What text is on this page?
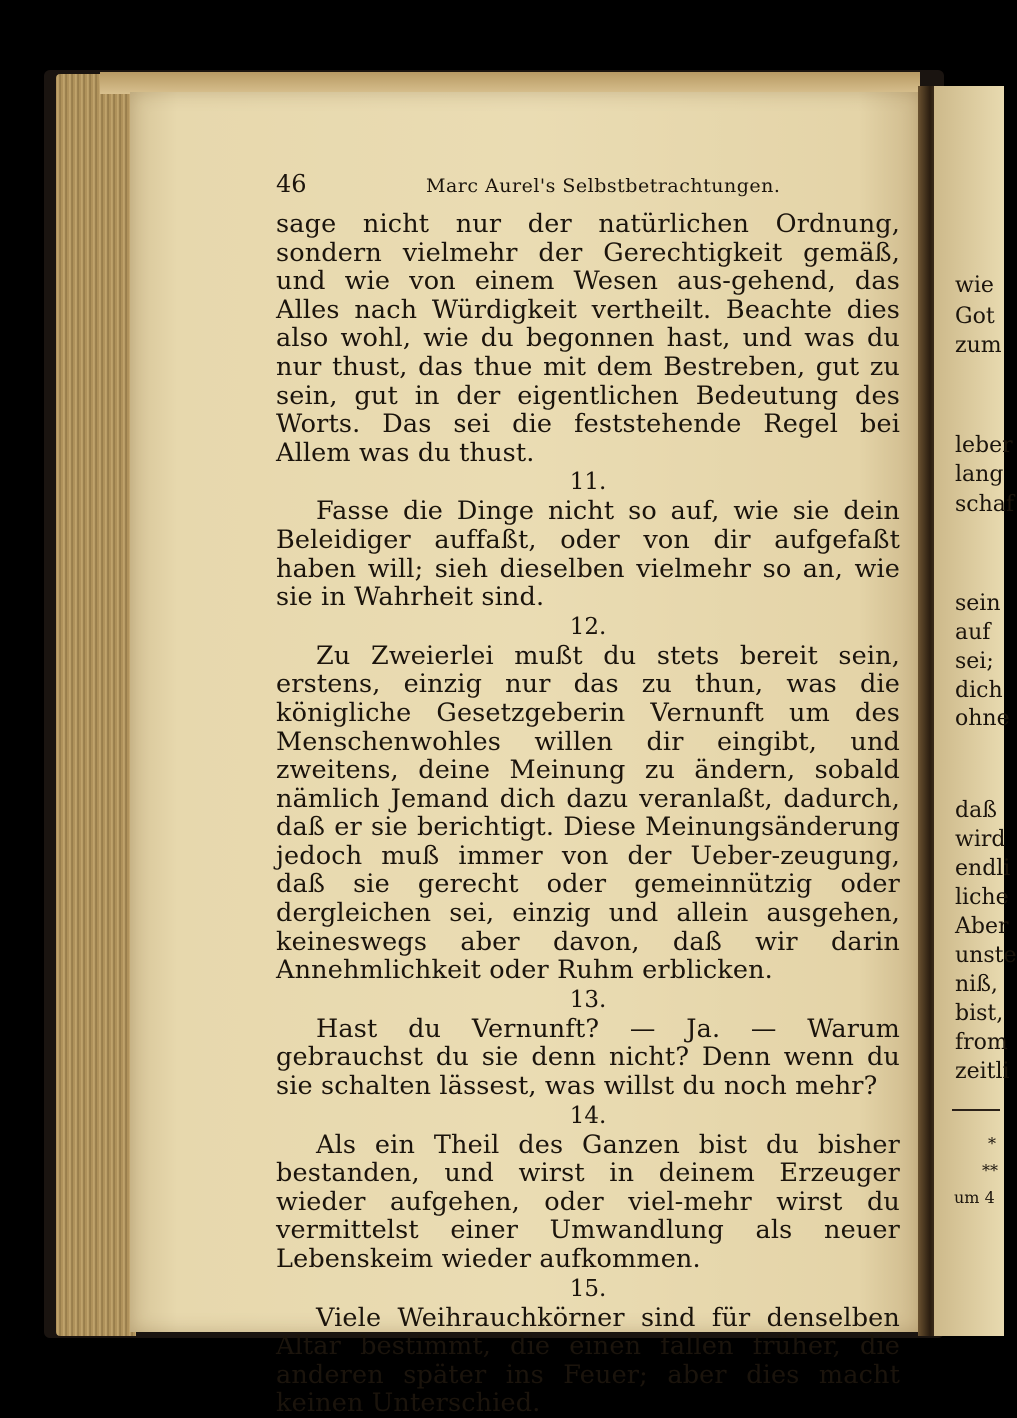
46	Marc Aurel's Selbstbetrachtungen.

sage nicht nur der natürlichen Ordnung, sondern vielmehr der Gerechtigkeit gemäß, und wie von einem Wesen aus-gehend, das Alles nach Würdigkeit vertheilt. Beachte dies also wohl, wie du begonnen hast, und was du nur thust, das thue mit dem Bestreben, gut zu sein, gut in der eigentlichen Bedeutung des Worts. Das sei die feststehende Regel bei Allem was du thust.

11.

Fasse die Dinge nicht so auf, wie sie dein Beleidiger auffaßt, oder von dir aufgefaßt haben will; sieh dieselben vielmehr so an, wie sie in Wahrheit sind.

12.

Zu Zweierlei mußt du stets bereit sein, erstens, einzig nur das zu thun, was die königliche Gesetzgeberin Vernunft um des Menschenwohles willen dir eingibt, und zweitens, deine Meinung zu ändern, sobald nämlich Jemand dich dazu veranlaßt, dadurch, daß er sie berichtigt. Diese Meinungsänderung jedoch muß immer von der Ueber-zeugung, daß sie gerecht oder gemeinnützig oder dergleichen sei, einzig und allein ausgehen, keineswegs aber davon, daß wir darin Annehmlichkeit oder Ruhm erblicken.

13.

Hast du Vernunft? — Ja. — Warum gebrauchst du sie denn nicht? Denn wenn du sie schalten lässest, was willst du noch mehr?

14.

Als ein Theil des Ganzen bist du bisher bestanden, und wirst in deinem Erzeuger wieder aufgehen, oder viel-mehr wirst du vermittelst einer Umwandlung als neuer Lebenskeim wieder aufkommen.

15.

Viele Weihrauchkörner sind für denselben Altar bestimmt, die einen fallen früher, die anderen später ins Feuer; aber dies macht keinen Unterschied.

wie
Got
zum
leber
lang
schaf
sein
auf
sei;
dich
ohne
daß
wird
endli
liche
Aber
unste
niß,
bist,
from
zeitli
*
**
um 4
